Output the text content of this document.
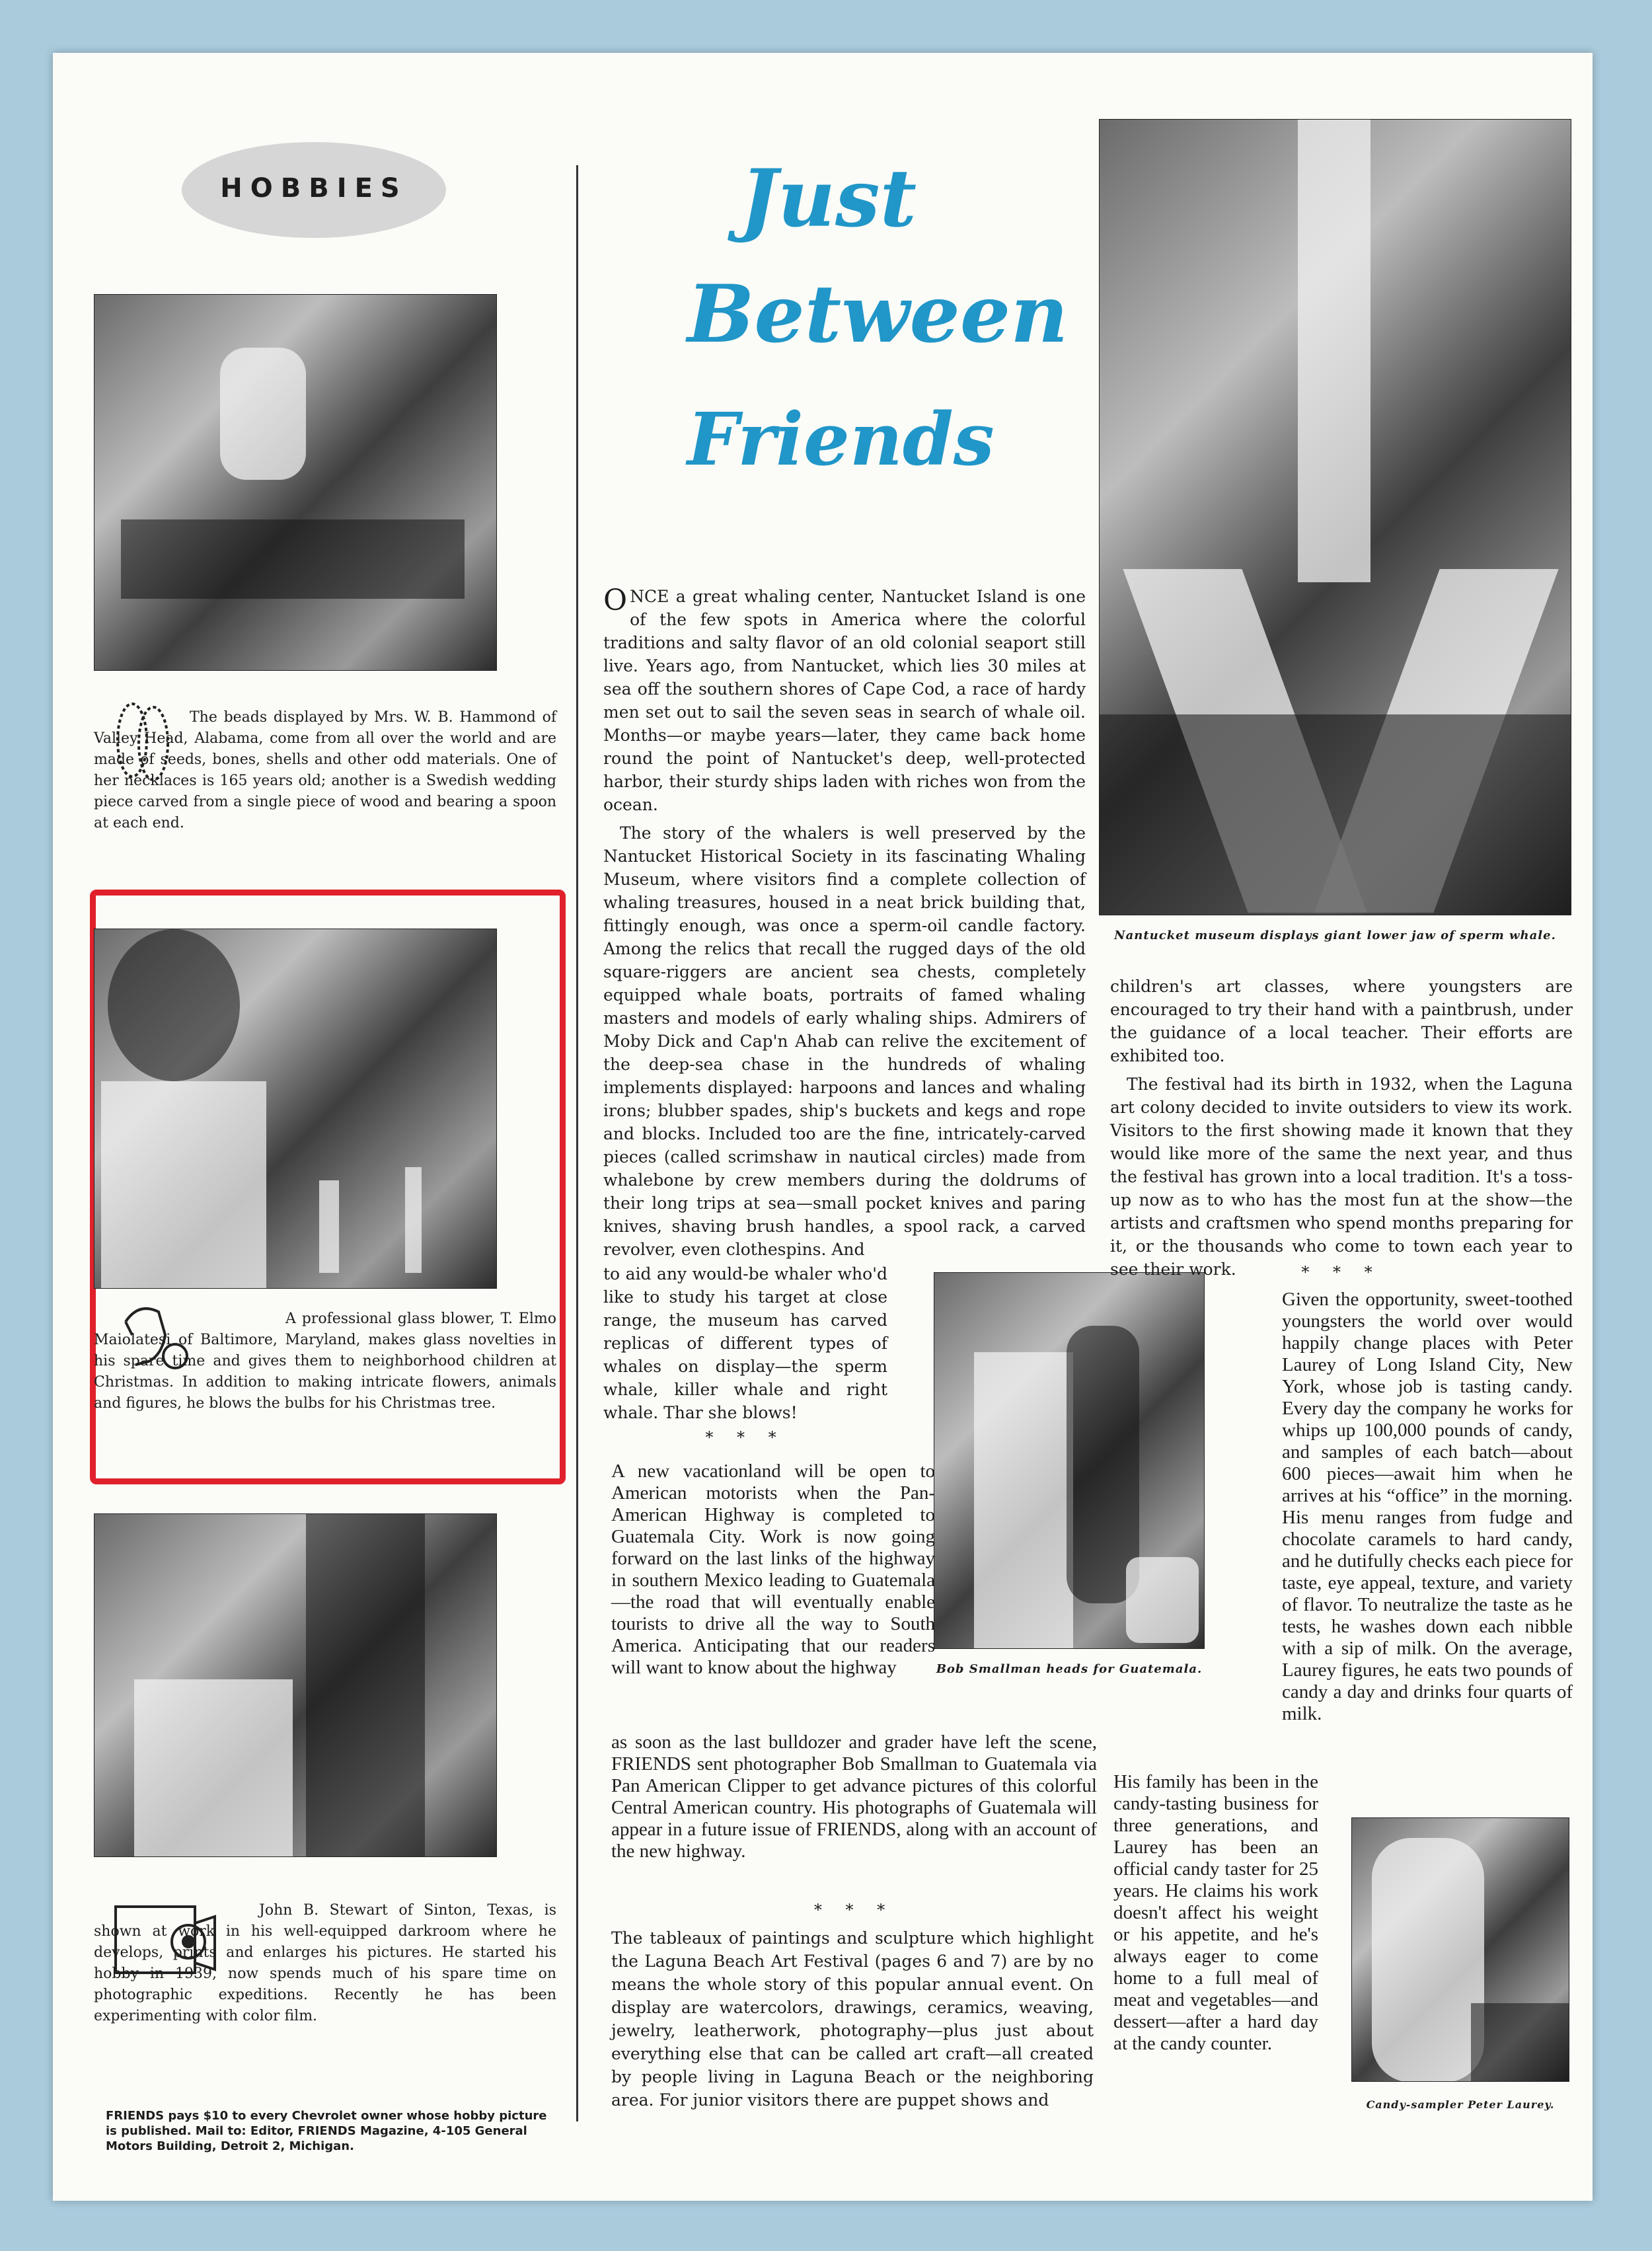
HOBBIES	Just
Between
Friends
The beads displayed by Mrs. W. B. Hammond of Valley Head, Alabama, come from all over the world and are made of seeds, bones, shells and other odd materials. One of her necklaces is 165 years old; another is a Swedish wedding piece carved from a single piece of wood and bearing a spoon at each end.
A professional glass blower, T. Elmo Maiolatesi of Baltimore, Maryland, makes glass novelties in his spare time and gives them to neighborhood children at Christmas. In addition to making intricate flowers, animals and figures, he blows the bulbs for his Christmas tree.
John B. Stewart of Sinton, Texas, is shown at work in his well-equipped darkroom where he develops, prints and enlarges his pictures. He started his hobby in 1939, now spends much of his spare time on photographic expeditions. Recently he has been experimenting with color film.
FRIENDS pays $10 to every Chevrolet owner whose hobby picture is published. Mail to: Editor, FRIENDS Magazine, 4-105 General Motors Building, Detroit 2, Michigan.

ONCE a great whaling center, Nantucket Island is one of the few spots in America where the colorful traditions and salty flavor of an old colonial seaport still live. Years ago, from Nantucket, which lies 30 miles at sea off the southern shores of Cape Cod, a race of hardy men set out to sail the seven seas in search of whale oil. Months—or maybe years—later, they came back home round the point of Nantucket's deep, well-protected harbor, their sturdy ships laden with riches won from the ocean.

The story of the whalers is well preserved by the Nantucket Historical Society in its fascinating Whaling Museum, where visitors find a complete collection of whaling treasures, housed in a neat brick building that, fittingly enough, was once a sperm-oil candle factory. Among the relics that recall the rugged days of the old square-riggers are ancient sea chests, completely equipped whale boats, portraits of famed whaling masters and models of early whaling ships. Admirers of Moby Dick and Cap'n Ahab can relive the excitement of the deep-sea chase in the hundreds of whaling implements displayed: harpoons and lances and whaling irons; blubber spades, ship's buckets and kegs and rope and blocks. Included too are the fine, intricately-carved pieces (called scrimshaw in nautical circles) made from whalebone by crew members during the doldrums of their long trips at sea—small pocket knives and paring knives, shaving brush handles, a spool rack, a carved revolver, even clothespins. And

to aid any would-be whaler who'd like to study his target at close range, the museum has carved replicas of different types of whales on display—the sperm whale, killer whale and right whale. Thar she blows!
* * *
Bob Smallman heads for Guatemala.
A new vacationland will be open to American motorists when the Pan-American Highway is completed to Guatemala City. Work is now going forward on the last links of the highway in southern Mexico leading to Guatemala—the road that will eventually enable tourists to drive all the way to South America. Anticipating that our readers will want to know about the highway
as soon as the last bulldozer and grader have left the scene, FRIENDS sent photographer Bob Smallman to Guatemala via Pan American Clipper to get advance pictures of this colorful Central American country. His photographs of Guatemala will appear in a future issue of FRIENDS, along with an account of the new highway.
* * *
The tableaux of paintings and sculpture which highlight the Laguna Beach Art Festival (pages 6 and 7) are by no means the whole story of this popular annual event. On display are watercolors, drawings, ceramics, weaving, jewelry, leatherwork, photography—plus just about everything else that can be called art craft—all created by people living in Laguna Beach or the neighboring area. For junior visitors there are puppet shows and
Nantucket museum displays giant lower jaw of sperm whale.

children's art classes, where youngsters are encouraged to try their hand with a paintbrush, under the guidance of a local teacher. Their efforts are exhibited too.

The festival had its birth in 1932, when the Laguna art colony decided to invite outsiders to view its work. Visitors to the first showing made it known that they would like more of the same the next year, and thus the festival has grown into a local tradition. It's a toss-up now as to who has the most fun at the show—the artists and craftsmen who spend months preparing for it, or the thousands who come to town each year to see their work.	* * *
Given the opportunity, sweet-toothed youngsters the world over would happily change places with Peter Laurey of Long Island City, New York, whose job is tasting candy. Every day the company he works for whips up 100,000 pounds of candy, and samples of each batch—about 600 pieces—await him when he arrives at his “office” in the morning. His menu ranges from fudge and chocolate caramels to hard candy, and he dutifully checks each piece for taste, eye appeal, texture, and variety of flavor. To neutralize the taste as he tests, he washes down each nibble with a sip of milk. On the average, Laurey figures, he eats two pounds of candy a day and drinks four quarts of milk.
His family has been in the candy-tasting business for three generations, and Laurey has been an official candy taster for 25 years. He claims his work doesn't affect his weight or his appetite, and he's always eager to come home to a full meal of meat and vegetables—and dessert—after a hard day at the candy counter.
Candy-sampler Peter Laurey.
